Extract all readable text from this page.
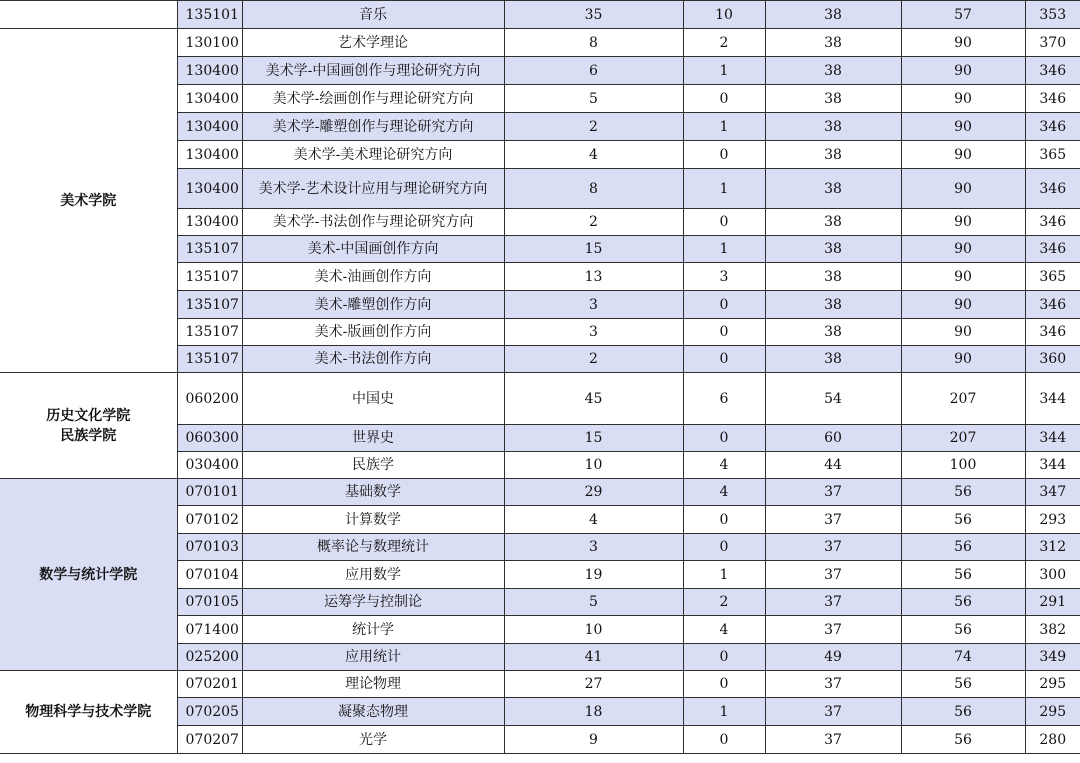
	135101	音乐	35	10	38	57	353
美术学院	130100	艺术学理论	8	2	38	90	370
	130400	美术学-中国画创作与理论研究方向	6	1	38	90	346
	130400	美术学-绘画创作与理论研究方向	5	0	38	90	346
	130400	美术学-雕塑创作与理论研究方向	2	1	38	90	346
	130400	美术学-美术理论研究方向	4	0	38	90	365
	130400	美术学-艺术设计应用与理论研究方向	8	1	38	90	346
	130400	美术学-书法创作与理论研究方向	2	0	38	90	346
	135107	美术-中国画创作方向	15	1	38	90	346
	135107	美术-油画创作方向	13	3	38	90	365
	135107	美术-雕塑创作方向	3	0	38	90	346
	135107	美术-版画创作方向	3	0	38	90	346
	135107	美术-书法创作方向	2	0	38	90	360
历史文化学院
民族学院	060200	中国史	45	6	54	207	344
	060300	世界史	15	0	60	207	344
	030400	民族学	10	4	44	100	344
数学与统计学院	070101	基础数学	29	4	37	56	347
	070102	计算数学	4	0	37	56	293
	070103	概率论与数理统计	3	0	37	56	312
	070104	应用数学	19	1	37	56	300
	070105	运筹学与控制论	5	2	37	56	291
	071400	统计学	10	4	37	56	382
	025200	应用统计	41	0	49	74	349
物理科学与技术学院	070201	理论物理	27	0	37	56	295
	070205	凝聚态物理	18	1	37	56	295
	070207	光学	9	0	37	56	280
